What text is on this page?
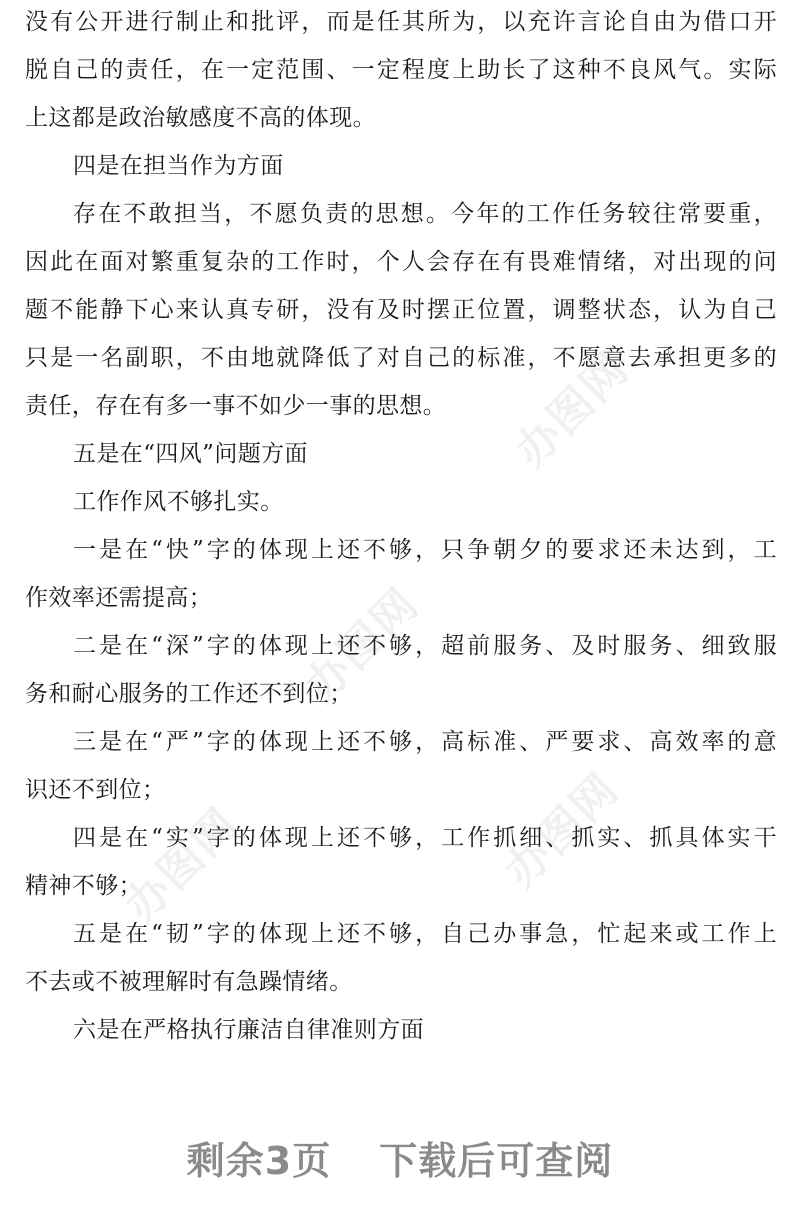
办图网
办图网
办图网
办图网
没有公开进行制止和批评，而是任其所为，以充许言论自由为借口开
脱自己的责任，在一定范围、一定程度上助长了这种不良风气。实际
上这都是政治敏感度不高的体现。
四是在担当作为方面
存在不敢担当，不愿负责的思想。今年的工作任务较往常要重，
因此在面对繁重复杂的工作时，个人会存在有畏难情绪，对出现的问
题不能静下心来认真专研，没有及时摆正位置，调整状态，认为自己
只是一名副职，不由地就降低了对自己的标准，不愿意去承担更多的
责任，存在有多一事不如少一事的思想。
五是在“四风”问题方面
工作作风不够扎实。
一是在“快”字的体现上还不够，只争朝夕的要求还未达到，工
作效率还需提高；
二是在“深”字的体现上还不够，超前服务、及时服务、细致服
务和耐心服务的工作还不到位；
三是在“严”字的体现上还不够，高标准、严要求、高效率的意
识还不到位；
四是在“实”字的体现上还不够，工作抓细、抓实、抓具体实干
精神不够；
五是在“韧”字的体现上还不够，自己办事急，忙起来或工作上
不去或不被理解时有急躁情绪。
六是在严格执行廉洁自律准则方面
剩余3页 下载后可查阅
